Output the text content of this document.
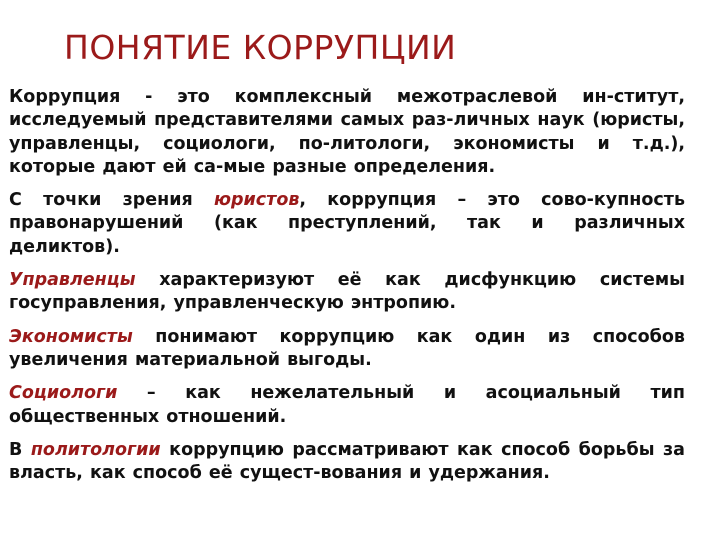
ПОНЯТИЕ КОРРУПЦИИ

Коррупция - это комплексный межотраслевой ин-ститут, исследуемый представителями самых раз-личных наук (юристы, управленцы, социологи, по-литологи, экономисты и т.д.), которые дают ей са-мые разные определения.

С точки зрения юристов, коррупция – это сово-купность правонарушений (как преступлений, так и различных деликтов).

Управленцы характеризуют её как дисфункцию системы госуправления, управленческую энтропию.

Экономисты понимают коррупцию как один из способов увеличения материальной выгоды.

Социологи – как нежелательный и асоциальный тип общественных отношений.

В политологии коррупцию рассматривают как способ борьбы за власть, как способ её сущест-вования и удержания.
